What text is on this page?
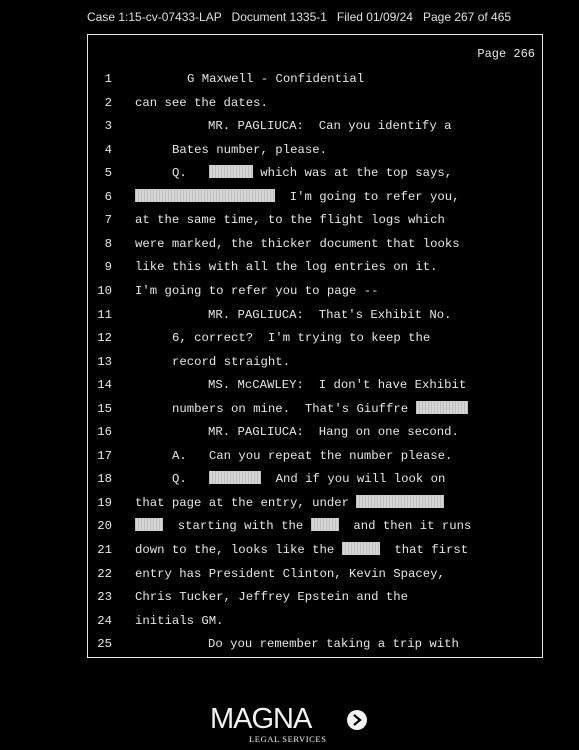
Case 1:15-cv-07433-LAP   Document 1335-1   Filed 01/09/24   Page 267 of 465
Page 266
1	G Maxwell - Confidential
2 can see the dates.
3	MR. PAGLIUCA:  Can you identify a
4	Bates number, please.
5	Q.	which was at the top says,
6	I'm going to refer you,
7 at the same time, to the flight logs which
8 were marked, the thicker document that looks
9 like this with all the log entries on it.
10 I'm going to refer you to page --
11	MR. PAGLIUCA:  That's Exhibit No.
12	6, correct?  I'm trying to keep the
13	record straight.
14	MS. McCAWLEY:  I don't have Exhibit
15	numbers on mine.  That's Giuffre
16	MR. PAGLIUCA:  Hang on one second.
17	A.   Can you repeat the number please.
18	Q.	And if you will look on
19 that page at the entry, under
20	starting with the   and then it runs
21 down to the, looks like the	that first
22 entry has President Clinton, Kevin Spacey,
23 Chris Tucker, Jeffrey Epstein and the
24 initials GM.
25	Do you remember taking a trip with
MAGNA
LEGAL SERVICES
